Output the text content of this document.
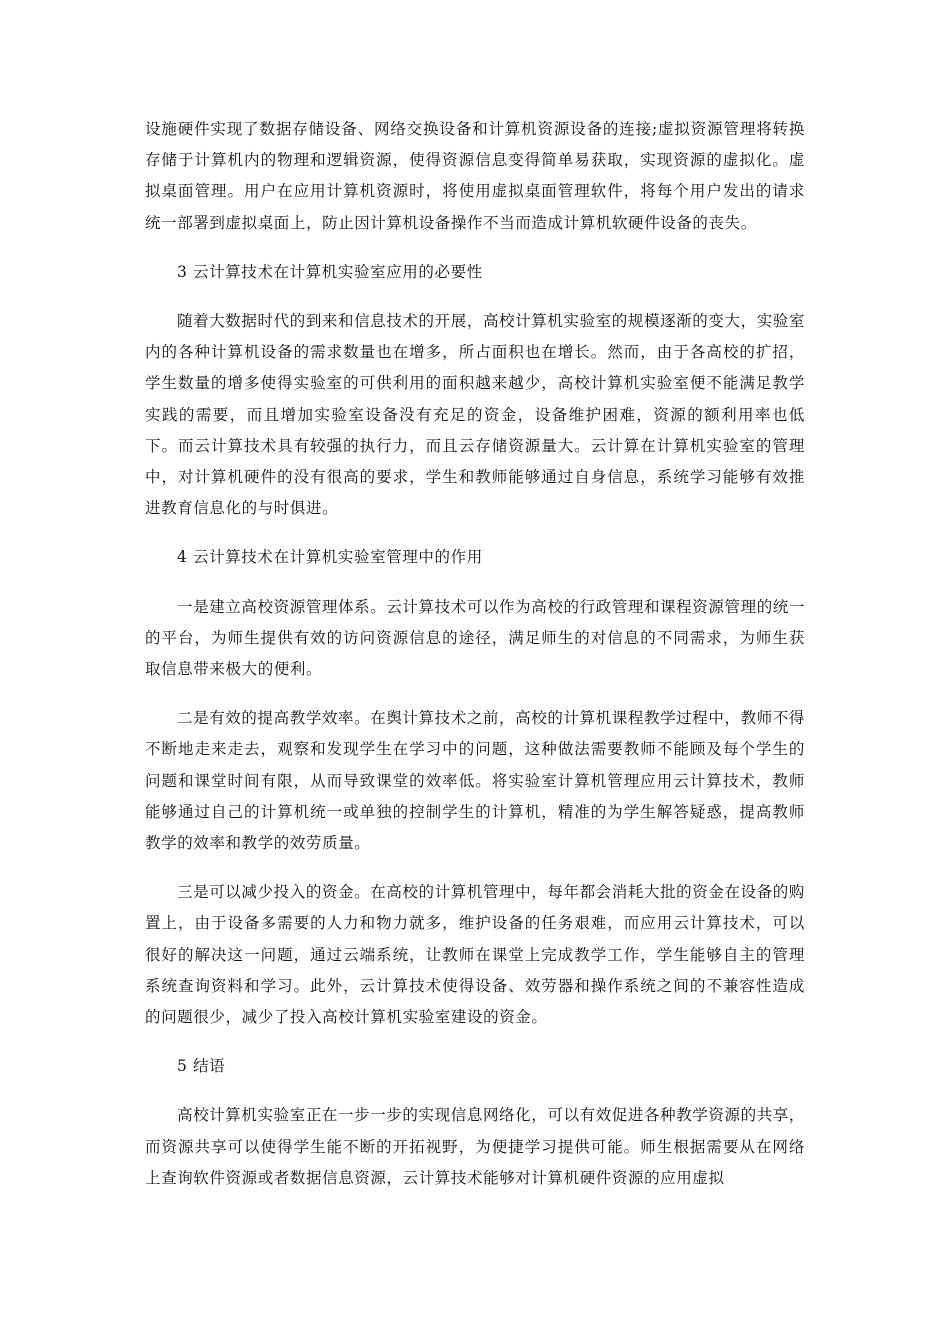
设施硬件实现了数据存储设备、网络交换设备和计算机资源设备的连接;虚拟资源管理将转换存储于计算机内的物理和逻辑资源，使得资源信息变得简单易获取，实现资源的虚拟化。虚拟桌面管理。用户在应用计算机资源时，将使用虚拟桌面管理软件，将每个用户发出的请求统一部署到虚拟桌面上，防止因计算机设备操作不当而造成计算机软硬件设备的丧失。

3 云计算技术在计算机实验室应用的必要性

随着大数据时代的到来和信息技术的开展，高校计算机实验室的规模逐渐的变大，实验室内的各种计算机设备的需求数量也在增多，所占面积也在增长。然而，由于各高校的扩招，学生数量的增多使得实验室的可供利用的面积越来越少，高校计算机实验室便不能满足教学实践的需要，而且增加实验室设备没有充足的资金，设备维护困难，资源的额利用率也低下。而云计算技术具有较强的执行力，而且云存储资源量大。云计算在计算机实验室的管理中，对计算机硬件的没有很高的要求，学生和教师能够通过自身信息，系统学习能够有效推进教育信息化的与时俱进。

4 云计算技术在计算机实验室管理中的作用

一是建立高校资源管理体系。云计算技术可以作为高校的行政管理和课程资源管理的统一的平台，为师生提供有效的访问资源信息的途径，满足师生的对信息的不同需求，为师生获取信息带来极大的便利。

二是有效的提高教学效率。在舆计算技术之前，高校的计算机课程教学过程中，教师不得不断地走来走去，观察和发现学生在学习中的问题，这种做法需要教师不能顾及每个学生的问题和课堂时间有限，从而导致课堂的效率低。将实验室计算机管理应用云计算技术，教师能够通过自己的计算机统一或单独的控制学生的计算机，精准的为学生解答疑惑，提高教师教学的效率和教学的效劳质量。

三是可以减少投入的资金。在高校的计算机管理中，每年都会消耗大批的资金在设备的购置上，由于设备多需要的人力和物力就多，维护设备的任务艰难，而应用云计算技术，可以很好的解决这一问题，通过云端系统，让教师在课堂上完成教学工作，学生能够自主的管理系统查询资料和学习。此外，云计算技术使得设备、效劳器和操作系统之间的不兼容性造成的问题很少，减少了投入高校计算机实验室建设的资金。

5 结语

高校计算机实验室正在一步一步的实现信息网络化，可以有效促进各种教学资源的共享，而资源共享可以使得学生能不断的开拓视野，为便捷学习提供可能。师生根据需要从在网络上查询软件资源或者数据信息资源，云计算技术能够对计算机硬件资源的应用虚拟
